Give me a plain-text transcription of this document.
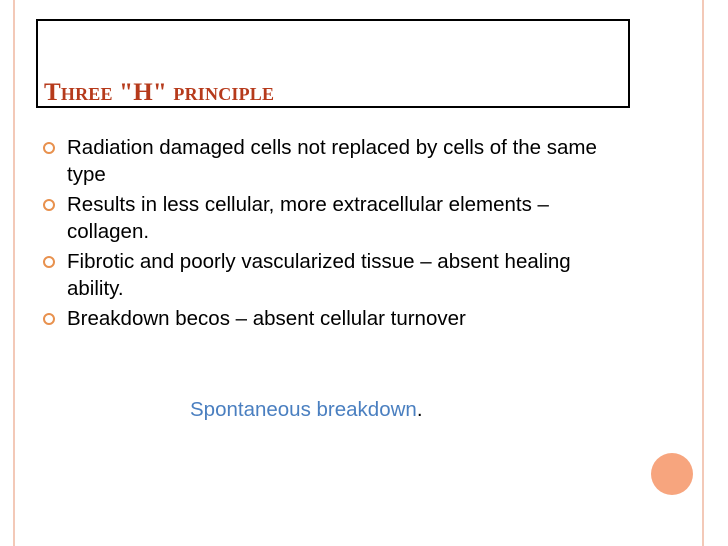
Three "H" principle
Radiation damaged cells not replaced by cells of the same type
Results in less cellular, more extracellular elements – collagen.
Fibrotic and poorly vascularized tissue – absent healing ability.
Breakdown becos – absent cellular turnover
Spontaneous breakdown.
